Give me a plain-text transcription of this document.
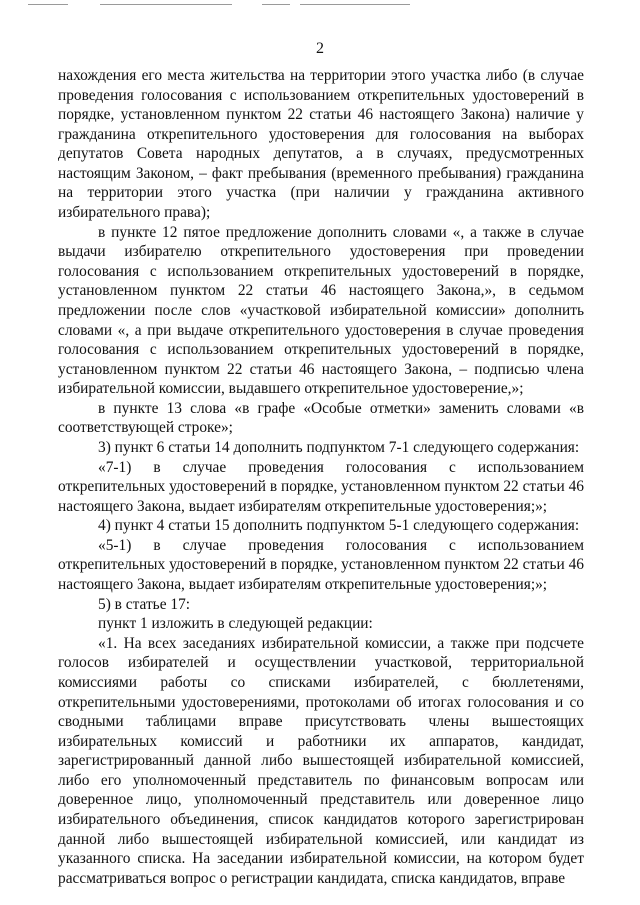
2

нахождения его места жительства на территории этого участка либо (в случае проведения голосования с использованием открепительных удостоверений в порядке, установленном пунктом 22 статьи 46 настоящего Закона) наличие у гражданина открепительного удостоверения для голосования на выборах депутатов Совета народных депутатов, а в случаях, предусмотренных настоящим Законом, – факт пребывания (временного пребывания) гражданина на территории этого участка (при наличии у гражданина активного избирательного права);

в пункте 12 пятое предложение дополнить словами «, а также в случае выдачи избирателю открепительного удостоверения при проведении голосования с использованием открепительных удостоверений в порядке, установленном пунктом 22 статьи 46 настоящего Закона,», в седьмом предложении после слов «участковой избирательной комиссии» дополнить словами «, а при выдаче открепительного удостоверения в случае проведения голосования с использованием открепительных удостоверений в порядке, установленном пунктом 22 статьи 46 настоящего Закона, – подписью члена избирательной комиссии, выдавшего открепительное удостоверение,»;

в пункте 13 слова «в графе «Особые отметки» заменить словами «в соответствующей строке»;

3) пункт 6 статьи 14 дополнить подпунктом 7-1 следующего содержания:

«7-1) в случае проведения голосования с использованием открепительных удостоверений в порядке, установленном пунктом 22 статьи 46 настоящего Закона, выдает избирателям открепительные удостоверения;»;

4) пункт 4 статьи 15 дополнить подпунктом 5-1 следующего содержания:

«5-1) в случае проведения голосования с использованием открепительных удостоверений в порядке, установленном пунктом 22 статьи 46 настоящего Закона, выдает избирателям открепительные удостоверения;»;

5) в статье 17:

пункт 1 изложить в следующей редакции:

«1. На всех заседаниях избирательной комиссии, а также при подсчете голосов избирателей и осуществлении участковой, территориальной комиссиями работы со списками избирателей, с бюллетенями, открепительными удостоверениями, протоколами об итогах голосования и со сводными таблицами вправе присутствовать члены вышестоящих избирательных комиссий и работники их аппаратов, кандидат, зарегистрированный данной либо вышестоящей избирательной комиссией, либо его уполномоченный представитель по финансовым вопросам или доверенное лицо, уполномоченный представитель или доверенное лицо избирательного объединения, список кандидатов которого зарегистрирован данной либо вышестоящей избирательной комиссией, или кандидат из указанного списка. На заседании избирательной комиссии, на котором будет рассматриваться вопрос о регистрации кандидата, списка кандидатов, вправе
